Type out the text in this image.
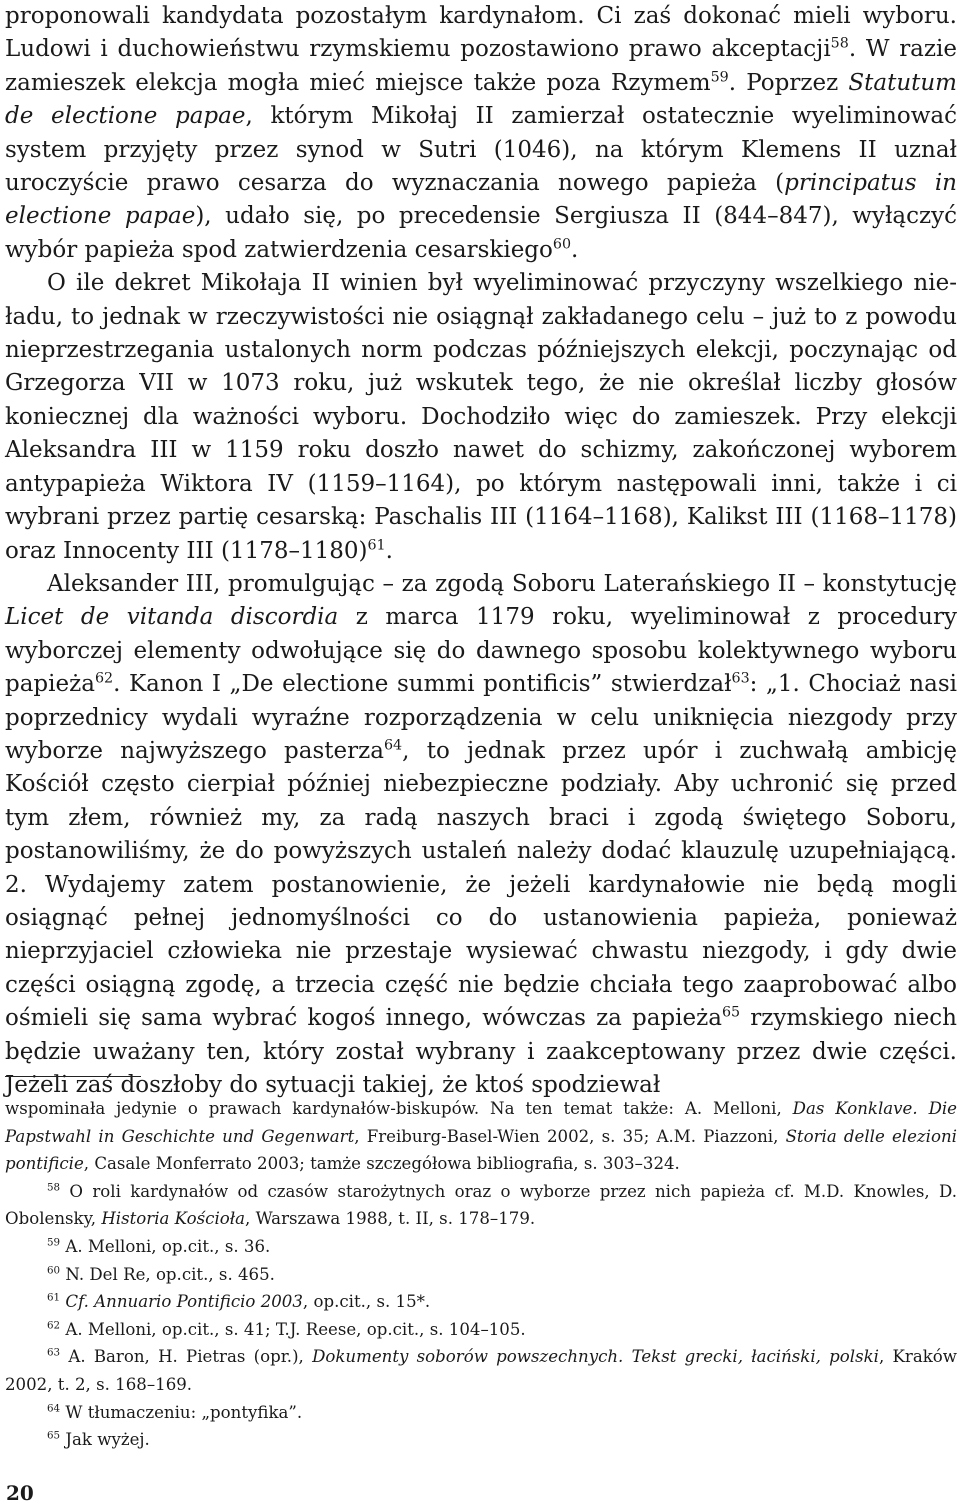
proponowali kandydata pozostałym kardynałom. Ci zaś dokonać mieli wyboru. Ludowi i duchowieństwu rzymskiemu pozostawiono prawo akceptacji$^{58}$. W razie zamieszek elekcja mogła mieć miejsce także poza Rzymem$^{59}$. Poprzez Statutum de electione papae, którym Mikołaj II zamierzał ostatecznie wyeliminować system przyjęty przez synod w Sutri (1046), na którym Klemens II uznał uroczyście prawo cesarza do wyznaczania nowego papieża (principatus in electione papae), udało się, po precedensie Sergiusza II (844–847), wyłączyć wybór papieża spod zatwierdzenia cesarskiego$^{60}$.

O ile dekret Mikołaja II winien był wyeliminować przyczyny wszelkiego nieładu, to jednak w rzeczywistości nie osiągnął zakładanego celu – już to z powodu nieprzestrzegania ustalonych norm podczas późniejszych elekcji, poczynając od Grzegorza VII w 1073 roku, już wskutek tego, że nie określał liczby głosów koniecznej dla ważności wyboru. Dochodziło więc do zamieszek. Przy elekcji Aleksandra III w 1159 roku doszło nawet do schizmy, zakończonej wyborem antypapieża Wiktora IV (1159–1164), po którym następowali inni, także i ci wybrani przez partię cesarską: Paschalis III (1164–1168), Kalikst III (1168–1178) oraz Innocenty III (1178–1180)$^{61}$.

Aleksander III, promulgując – za zgodą Soboru Laterańskiego II – konstytucję Licet de vitanda discordia z marca 1179 roku, wyeliminował z procedury wyborczej elementy odwołujące się do dawnego sposobu kolektywnego wyboru papieża$^{62}$. Kanon I „De electione summi pontificis” stwierdzał$^{63}$: „1. Chociaż nasi poprzednicy wydali wyraźne rozporządzenia w celu uniknięcia niezgody przy wyborze najwyższego pasterza$^{64}$, to jednak przez upór i zuchwałą ambicję Kościół często cierpiał później niebezpieczne podziały. Aby uchronić się przed tym złem, również my, za radą naszych braci i zgodą świętego Soboru, postanowiliśmy, że do powyższych ustaleń należy dodać klauzulę uzupełniającą. 2. Wydajemy zatem postanowienie, że jeżeli kardynałowie nie będą mogli osiągnąć pełnej jednomyślności co do ustanowienia papieża, ponieważ nieprzyjaciel człowieka nie przestaje wysiewać chwastu niezgody, i gdy dwie części osiągną zgodę, a trzecia część nie będzie chciała tego zaaprobować albo ośmieli się sama wybrać kogoś innego, wówczas za papieża$^{65}$ rzymskiego niech będzie uważany ten, który został wybrany i zaakceptowany przez dwie części. Jeżeli zaś doszłoby do sytuacji takiej, że ktoś spodziewał

wspominała jedynie o prawach kardynałów-biskupów. Na ten temat także: A. Melloni, Das Konklave. Die Papstwahl in Geschichte und Gegenwart, Freiburg-Basel-Wien 2002, s. 35; A.M. Piazzoni, Storia delle elezioni pontificie, Casale Monferrato 2003; tamże szczegółowa bibliografia, s. 303–324.

$^{58}$ O roli kardynałów od czasów starożytnych oraz o wyborze przez nich papieża cf. M.D. Knowles, D. Obolensky, Historia Kościoła, Warszawa 1988, t. II, s. 178–179.

$^{59}$ A. Melloni, op.cit., s. 36.

$^{60}$ N. Del Re, op.cit., s. 465.

$^{61}$ Cf. Annuario Pontificio 2003, op.cit., s. 15*.

$^{62}$ A. Melloni, op.cit., s. 41; T.J. Reese, op.cit., s. 104–105.

$^{63}$ A. Baron, H. Pietras (opr.), Dokumenty soborów powszechnych. Tekst grecki, łaciński, polski, Kraków 2002, t. 2, s. 168–169.

$^{64}$ W tłumaczeniu: „pontyfika”.

$^{65}$ Jak wyżej.

20
